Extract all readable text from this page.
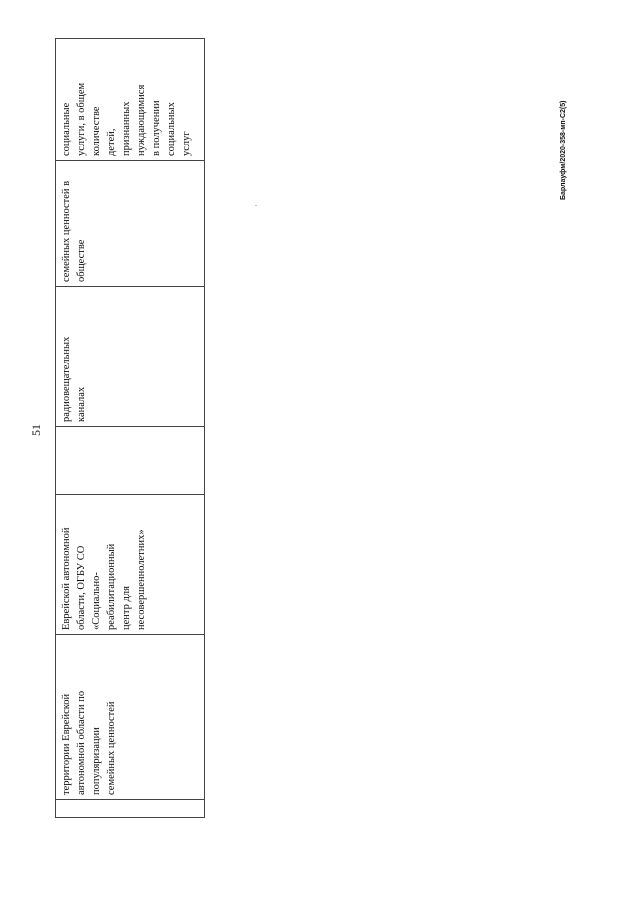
51
территории Еврейской
автономной области по
популяризации
семейных ценностей
Еврейской автономной
области, ОГБУ СО
«Социально-
реабилитационный
центр для
несовершеннолетних»
радиовещательных
каналах
семейных ценностей в
обществе
социальные
услуги, в общем
количестве
детей,
признанных
нуждающимися
в получении
социальных
услуг	Барлауфм/2020-358-мп-С2(5)
